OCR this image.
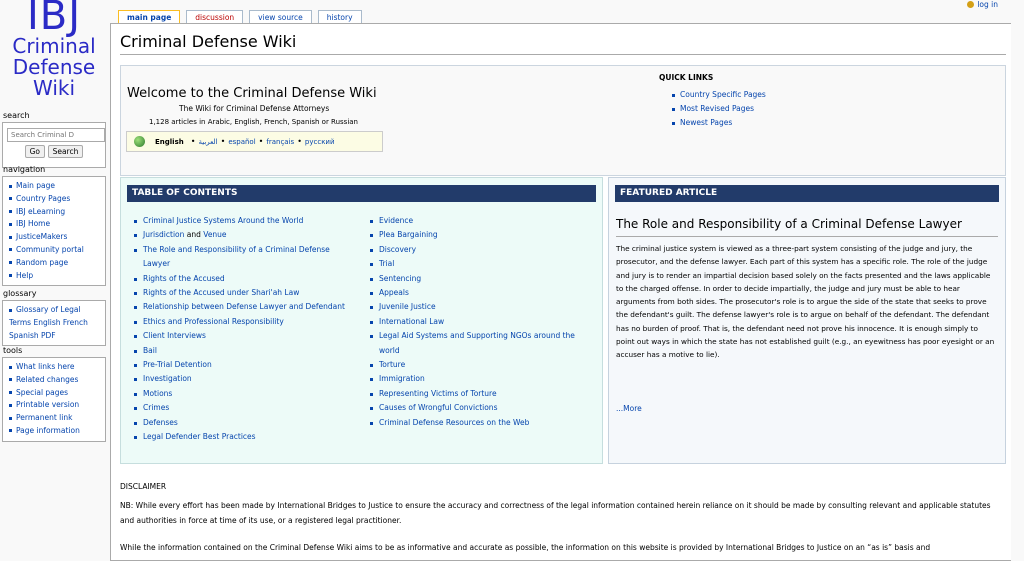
IBJ
Criminal
Defense
Wiki
log in
main page	discussion	view source	history
search
Search Criminal D
Go Search
navigation
Main page
Country Pages
IBJ eLearning
IBJ Home
JusticeMakers
Community portal
Random page
Help
glossary
Glossary of Legal
Terms English French
Spanish PDF
tools
What links here
Related changes
Special pages
Printable version
Permanent link
Page information
Criminal Defense Wiki
Welcome to the Criminal Defense Wiki
The Wiki for Criminal Defense Attorneys
1,128 articles in Arabic, English, French, Spanish or Russian
English • العربية • español • français • русский
QUICK LINKS
Country Specific Pages
Most Revised Pages
Newest Pages
TABLE OF CONTENTS
Criminal Justice Systems Around the World
Jurisdiction and Venue
The Role and Responsibility of a Criminal Defense Lawyer
Rights of the Accused
Rights of the Accused under Shari'ah Law
Relationship between Defense Lawyer and Defendant
Ethics and Professional Responsibility
Client Interviews
Bail
Pre-Trial Detention
Investigation
Motions
Crimes
Defenses
Legal Defender Best Practices
Evidence
Plea Bargaining
Discovery
Trial
Sentencing
Appeals
Juvenile Justice
International Law
Legal Aid Systems and Supporting NGOs around the world
Torture
Immigration
Representing Victims of Torture
Causes of Wrongful Convictions
Criminal Defense Resources on the Web
FEATURED ARTICLE
The Role and Responsibility of a Criminal Defense Lawyer

The criminal justice system is viewed as a three-part system consisting of the judge and jury, the prosecutor, and the defense lawyer. Each part of this system has a specific role. The role of the judge and jury is to render an impartial decision based solely on the facts presented and the laws applicable to the charged offense. In order to decide impartially, the judge and jury must be able to hear arguments from both sides. The prosecutor's role is to argue the side of the state that seeks to prove the defendant's guilt. The defense lawyer's role is to argue on behalf of the defendant. The defendant has no burden of proof. That is, the defendant need not prove his innocence. It is enough simply to point out ways in which the state has not established guilt (e.g., an eyewitness has poor eyesight or an accuser has a motive to lie).

...More
DISCLAIMER

NB: While every effort has been made by International Bridges to Justice to ensure the accuracy and correctness of the legal information contained herein reliance on it should be made by consulting relevant and applicable statutes and authorities in force at time of its use, or a registered legal practitioner.

While the information contained on the Criminal Defense Wiki aims to be as informative and accurate as possible, the information on this website is provided by International Bridges to Justice on an “as is” basis and
